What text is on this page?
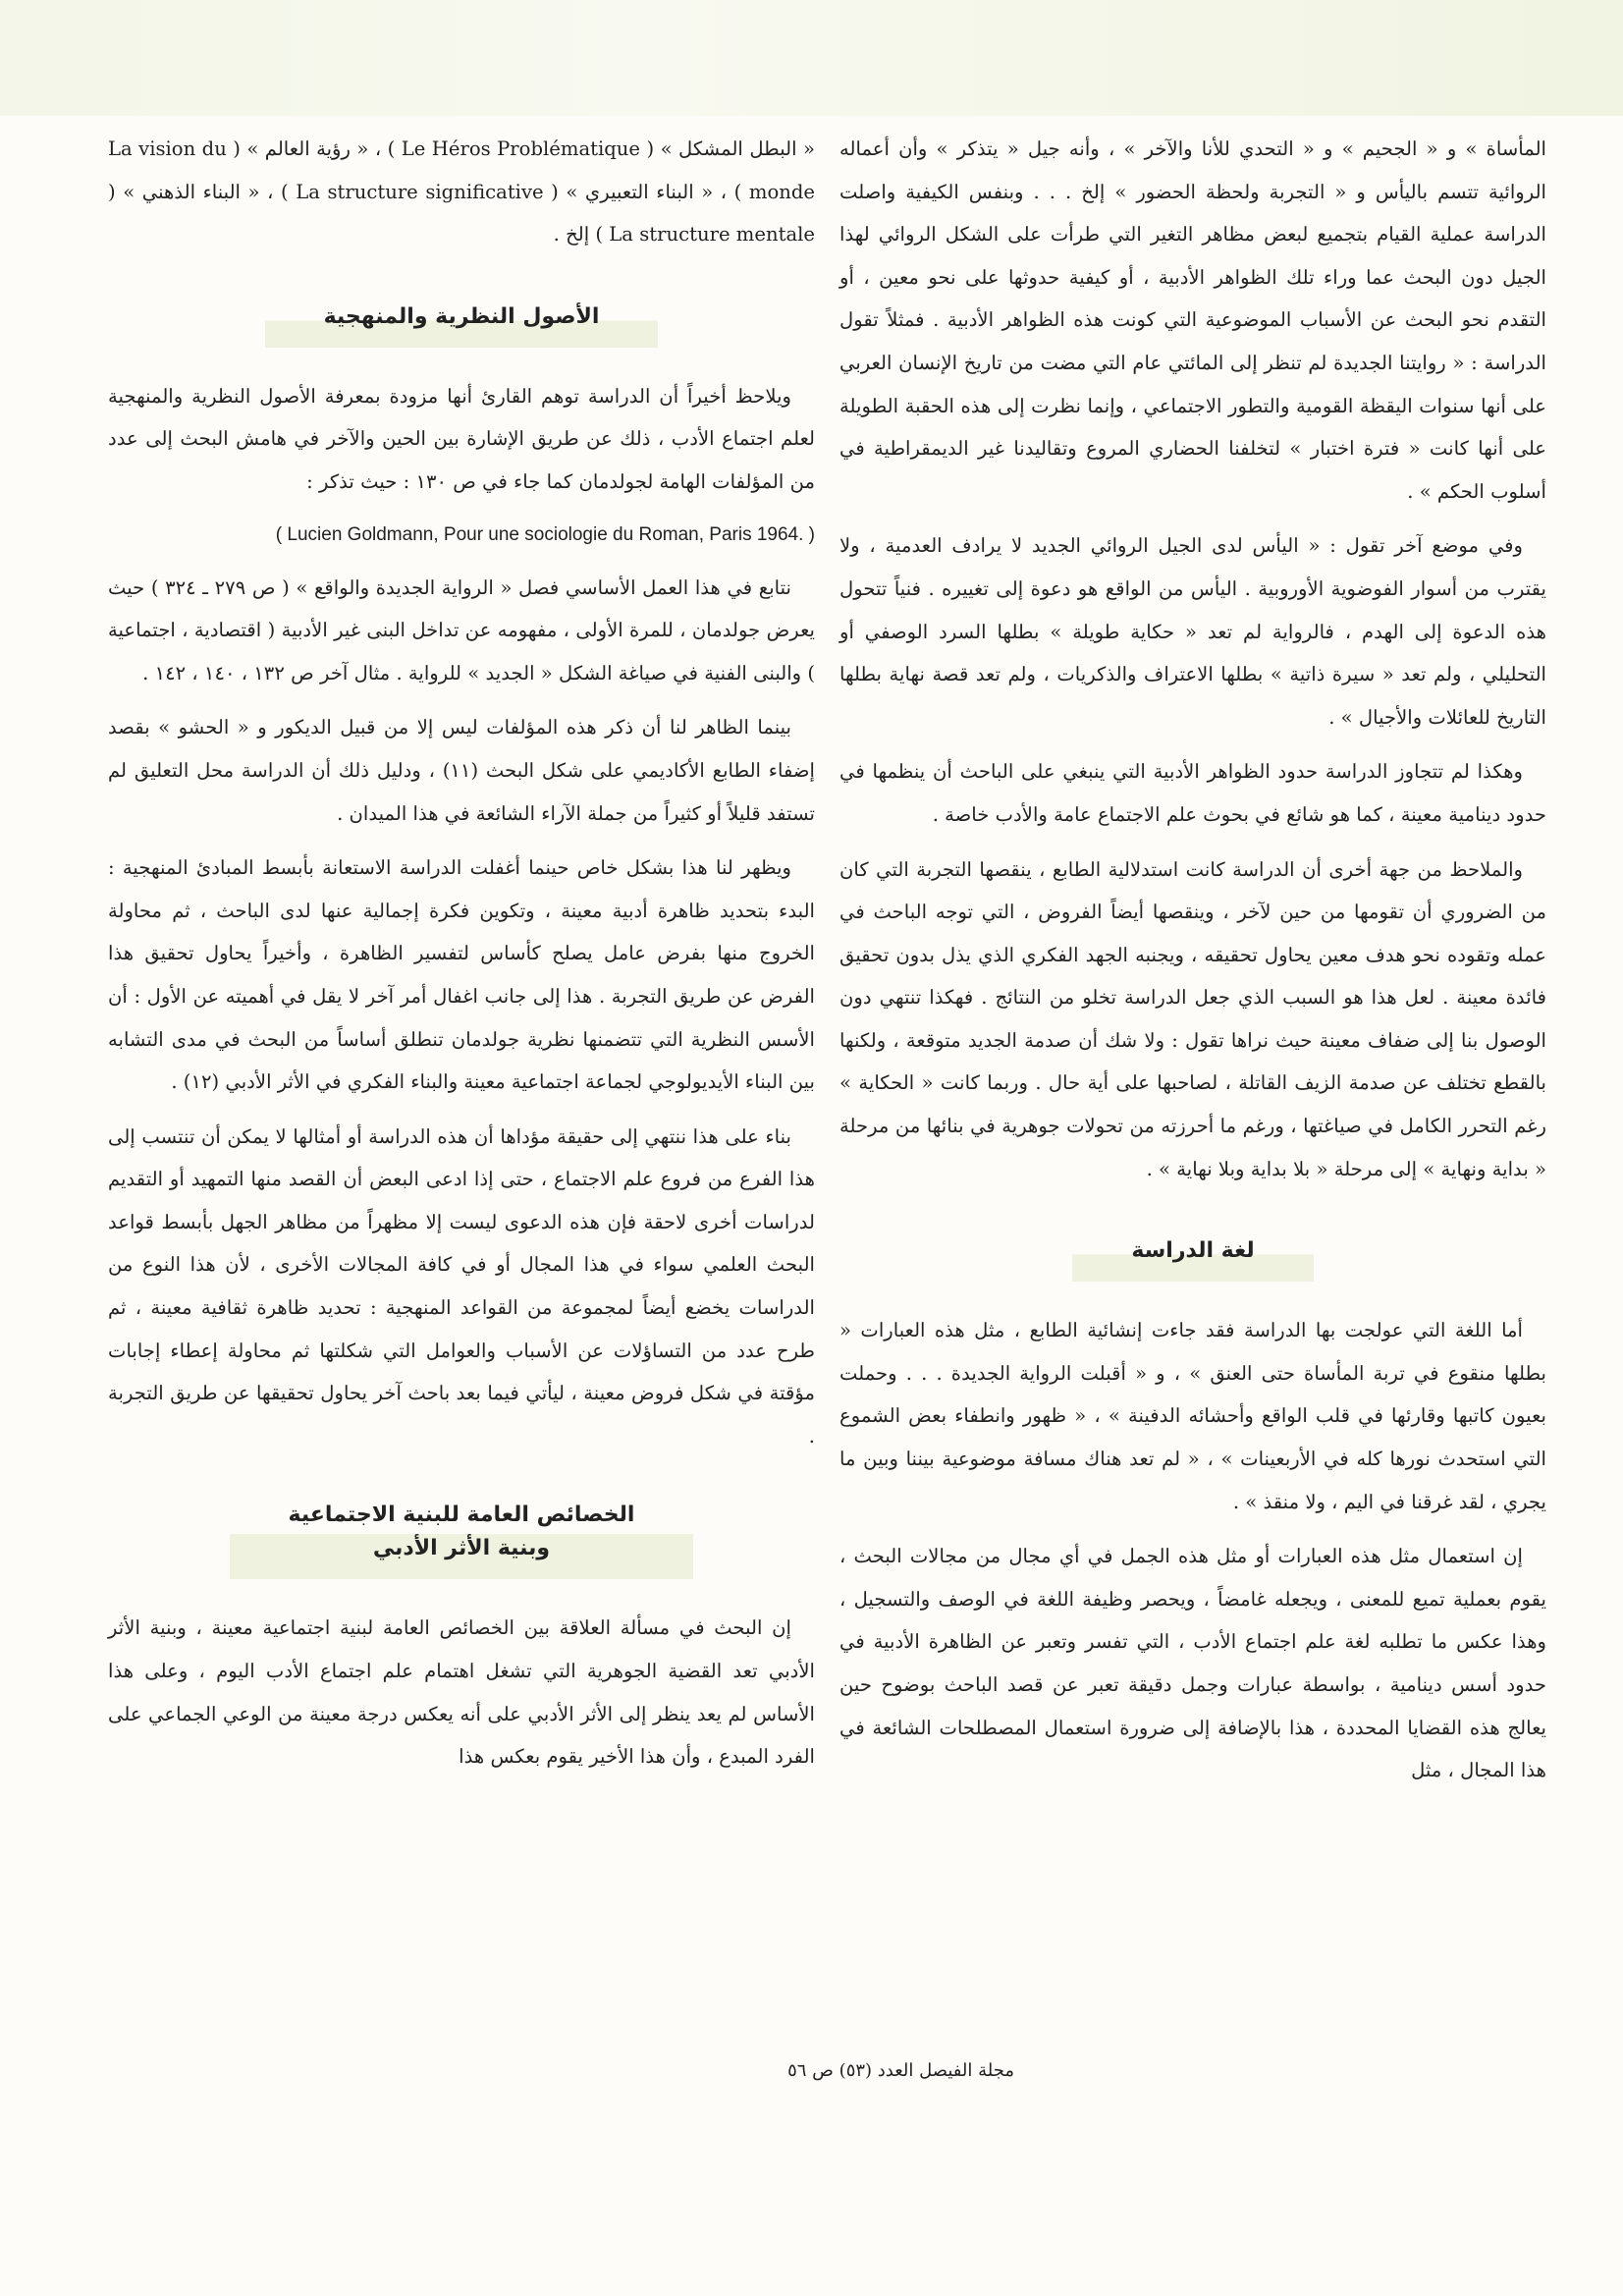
المأساة » و « الجحيم » و « التحدي للأنا والآخر » ، وأنه جيل « يتذكر » وأن أعماله الروائية تتسم باليأس و « التجربة ولحظة الحضور » إلخ . . . وبنفس الكيفية واصلت الدراسة عملية القيام بتجميع لبعض مظاهر التغير التي طرأت على الشكل الروائي لهذا الجيل دون البحث عما وراء تلك الظواهر الأدبية ، أو كيفية حدوثها على نحو معين ، أو التقدم نحو البحث عن الأسباب الموضوعية التي كونت هذه الظواهر الأدبية . فمثلاً تقول الدراسة : « روايتنا الجديدة لم تنظر إلى المائتي عام التي مضت من تاريخ الإنسان العربي على أنها سنوات اليقظة القومية والتطور الاجتماعي ، وإنما نظرت إلى هذه الحقبة الطويلة على أنها كانت « فترة اختبار » لتخلفنا الحضاري المروع وتقاليدنا غير الديمقراطية في أسلوب الحكم » .

وفي موضع آخر تقول : « اليأس لدى الجيل الروائي الجديد لا يرادف العدمية ، ولا يقترب من أسوار الفوضوية الأوروبية . اليأس من الواقع هو دعوة إلى تغييره . فنياً تتحول هذه الدعوة إلى الهدم ، فالرواية لم تعد « حكاية طويلة » بطلها السرد الوصفي أو التحليلي ، ولم تعد « سيرة ذاتية » بطلها الاعتراف والذكريات ، ولم تعد قصة نهاية بطلها التاريخ للعائلات والأجيال » .

وهكذا لم تتجاوز الدراسة حدود الظواهر الأدبية التي ينبغي على الباحث أن ينظمها في حدود دينامية معينة ، كما هو شائع في بحوث علم الاجتماع عامة والأدب خاصة .

والملاحظ من جهة أخرى أن الدراسة كانت استدلالية الطابع ، ينقصها التجربة التي كان من الضروري أن تقومها من حين لآخر ، وينقصها أيضاً الفروض ، التي توجه الباحث في عمله وتقوده نحو هدف معين يحاول تحقيقه ، ويجنبه الجهد الفكري الذي يذل بدون تحقيق فائدة معينة . لعل هذا هو السبب الذي جعل الدراسة تخلو من النتائج . فهكذا تنتهي دون الوصول بنا إلى ضفاف معينة حيث نراها تقول : ولا شك أن صدمة الجديد متوقعة ، ولكنها بالقطع تختلف عن صدمة الزيف القاتلة ، لصاحبها على أية حال . وربما كانت « الحكاية » رغم التحرر الكامل في صياغتها ، ورغم ما أحرزته من تحولات جوهرية في بنائها من مرحلة « بداية ونهاية » إلى مرحلة « بلا بداية وبلا نهاية » .

لغة الدراسة

أما اللغة التي عولجت بها الدراسة فقد جاءت إنشائية الطابع ، مثل هذه العبارات « بطلها منقوع في تربة المأساة حتى العنق » ، و « أقبلت الرواية الجديدة . . . وحملت بعيون كاتبها وقارئها في قلب الواقع وأحشائه الدفينة » ، « ظهور وانطفاء بعض الشموع التي استحدث نورها كله في الأربعينات » ، « لم تعد هناك مسافة موضوعية بيننا وبين ما يجري ، لقد غرقنا في اليم ، ولا منقذ » .

إن استعمال مثل هذه العبارات أو مثل هذه الجمل في أي مجال من مجالات البحث ، يقوم بعملية تميع للمعنى ، ويجعله غامضاً ، ويحصر وظيفة اللغة في الوصف والتسجيل ، وهذا عكس ما تطلبه لغة علم اجتماع الأدب ، التي تفسر وتعبر عن الظاهرة الأدبية في حدود أسس دينامية ، بواسطة عبارات وجمل دقيقة تعبر عن قصد الباحث بوضوح حين يعالج هذه القضايا المحددة ، هذا بالإضافة إلى ضرورة استعمال المصطلحات الشائعة في هذا المجال ، مثل

« البطل المشكل » ( Le Héros Problématique ) ، « رؤية العالم » ( La vision du monde ) ، « البناء التعبيري » ( La structure significative ) ، « البناء الذهني » ( La structure mentale ) إلخ .

الأصول النظرية والمنهجية

ويلاحظ أخيراً أن الدراسة توهم القارئ أنها مزودة بمعرفة الأصول النظرية والمنهجية لعلم اجتماع الأدب ، ذلك عن طريق الإشارة بين الحين والآخر في هامش البحث إلى عدد من المؤلفات الهامة لجولدمان كما جاء في ص ١٣٠ : حيث تذكر :

( Lucien Goldmann, Pour une sociologie du Roman, Paris 1964. )

نتابع في هذا العمل الأساسي فصل « الرواية الجديدة والواقع » ( ص ٢٧٩ ـ ٣٢٤ ) حيث يعرض جولدمان ، للمرة الأولى ، مفهومه عن تداخل البنى غير الأدبية ( اقتصادية ، اجتماعية ) والبنى الفنية في صياغة الشكل « الجديد » للرواية . مثال آخر ص ١٣٢ ، ١٤٠ ، ١٤٢ .

بينما الظاهر لنا أن ذكر هذه المؤلفات ليس إلا من قبيل الديكور و « الحشو » بقصد إضفاء الطابع الأكاديمي على شكل البحث (١١) ، ودليل ذلك أن الدراسة محل التعليق لم تستفد قليلاً أو كثيراً من جملة الآراء الشائعة في هذا الميدان .

ويظهر لنا هذا بشكل خاص حينما أغفلت الدراسة الاستعانة بأبسط المبادئ المنهجية : البدء بتحديد ظاهرة أدبية معينة ، وتكوين فكرة إجمالية عنها لدى الباحث ، ثم محاولة الخروج منها بفرض عامل يصلح كأساس لتفسير الظاهرة ، وأخيراً يحاول تحقيق هذا الفرض عن طريق التجربة . هذا إلى جانب اغفال أمر آخر لا يقل في أهميته عن الأول : أن الأسس النظرية التي تتضمنها نظرية جولدمان تنطلق أساساً من البحث في مدى التشابه بين البناء الأيديولوجي لجماعة اجتماعية معينة والبناء الفكري في الأثر الأدبي (١٢) .

بناء على هذا ننتهي إلى حقيقة مؤداها أن هذه الدراسة أو أمثالها لا يمكن أن تنتسب إلى هذا الفرع من فروع علم الاجتماع ، حتى إذا ادعى البعض أن القصد منها التمهيد أو التقديم لدراسات أخرى لاحقة فإن هذه الدعوى ليست إلا مظهراً من مظاهر الجهل بأبسط قواعد البحث العلمي سواء في هذا المجال أو في كافة المجالات الأخرى ، لأن هذا النوع من الدراسات يخضع أيضاً لمجموعة من القواعد المنهجية : تحديد ظاهرة ثقافية معينة ، ثم طرح عدد من التساؤلات عن الأسباب والعوامل التي شكلتها ثم محاولة إعطاء إجابات مؤقتة في شكل فروض معينة ، ليأتي فيما بعد باحث آخر يحاول تحقيقها عن طريق التجربة .

الخصائص العامة للبنية الاجتماعية
وبنية الأثر الأدبي

إن البحث في مسألة العلاقة بين الخصائص العامة لبنية اجتماعية معينة ، وبنية الأثر الأدبي تعد القضية الجوهرية التي تشغل اهتمام علم اجتماع الأدب اليوم ، وعلى هذا الأساس لم يعد ينظر إلى الأثر الأدبي على أنه يعكس درجة معينة من الوعي الجماعي على الفرد المبدع ، وأن هذا الأخير يقوم بعكس هذا

مجلة الفيصل العدد (٥٣) ص ٥٦
